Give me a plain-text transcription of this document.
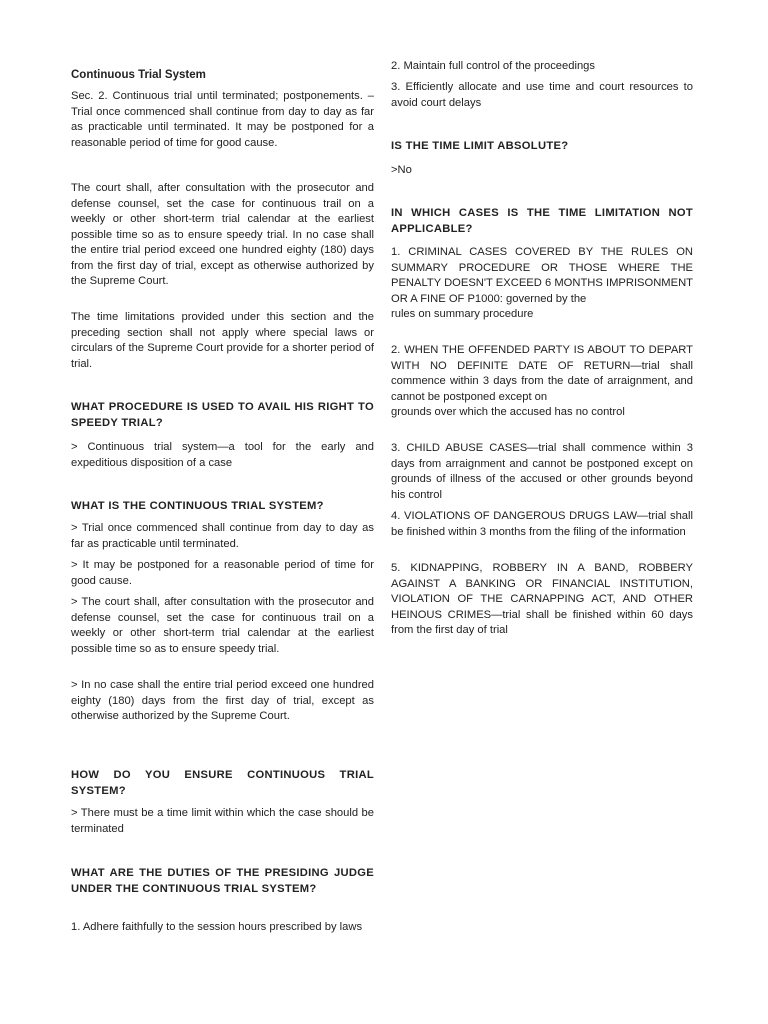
Continuous Trial System

Sec. 2. Continuous trial until terminated; postponements. – Trial once commenced shall continue from day to day as far as practicable until terminated. It may be postponed for a reasonable period of time for good cause.

The court shall, after consultation with the prosecutor and defense counsel, set the case for continuous trail on a weekly or other short-term trial calendar at the earliest possible time so as to ensure speedy trial. In no case shall the entire trial period exceed one hundred eighty (180) days from the first day of trial, except as otherwise authorized by the Supreme Court.

The time limitations provided under this section and the preceding section shall not apply where special laws or circulars of the Supreme Court provide for a shorter period of trial.

WHAT PROCEDURE IS USED TO AVAIL HIS RIGHT TO SPEEDY TRIAL?

> Continuous trial system—a tool for the early and expeditious disposition of a case

WHAT IS THE CONTINUOUS TRIAL SYSTEM?

> Trial once commenced shall continue from day to day as far as practicable until terminated.

> It may be postponed for a reasonable period of time for good cause.

> The court shall, after consultation with the prosecutor and defense counsel, set the case for continuous trail on a weekly or other short-term trial calendar at the earliest possible time so as to ensure speedy trial.

> In no case shall the entire trial period exceed one hundred eighty (180) days from the first day of trial, except as otherwise authorized by the Supreme Court.

HOW DO YOU ENSURE CONTINUOUS TRIAL SYSTEM?

> There must be a time limit within which the case should be terminated

WHAT ARE THE DUTIES OF THE PRESIDING JUDGE UNDER THE CONTINUOUS TRIAL SYSTEM?

1. Adhere faithfully to the session hours prescribed by laws

2. Maintain full control of the proceedings

3. Efficiently allocate and use time and court resources to avoid court delays

IS THE TIME LIMIT ABSOLUTE?

>No

IN WHICH CASES IS THE TIME LIMITATION NOT APPLICABLE?

1. CRIMINAL CASES COVERED BY THE RULES ON SUMMARY PROCEDURE OR THOSE WHERE THE PENALTY DOESN'T EXCEED 6 MONTHS IMPRISONMENT OR A FINE OF P1000: governed by the

rules on summary procedure

2. WHEN THE OFFENDED PARTY IS ABOUT TO DEPART WITH NO DEFINITE DATE OF RETURN—trial shall commence within 3 days from the date of arraignment, and cannot be postponed except on

grounds over which the accused has no control

3. CHILD ABUSE CASES—trial shall commence within 3 days from arraignment and cannot be postponed except on grounds of illness of the accused or other grounds beyond his control

4. VIOLATIONS OF DANGEROUS DRUGS LAW—trial shall be finished within 3 months from the filing of the information

5. KIDNAPPING, ROBBERY IN A BAND, ROBBERY AGAINST A BANKING OR FINANCIAL INSTITUTION, VIOLATION OF THE CARNAPPING ACT, AND OTHER HEINOUS CRIMES—trial shall be finished within 60 days from the first day of trial
